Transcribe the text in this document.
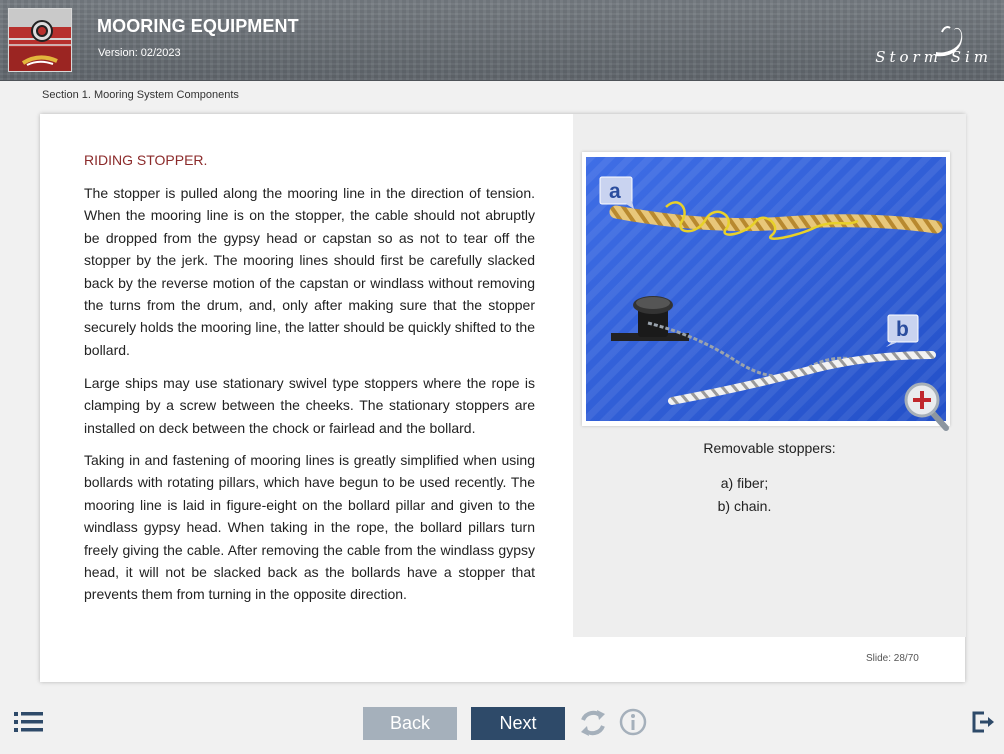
MOORING EQUIPMENT
Version: 02/2023	Storm Sim
Section 1. Mooring System Components
RIDING STOPPER.

The stopper is pulled along the mooring line in the direction of tension. When the mooring line is on the stopper, the cable should not abruptly be dropped from the gypsy head or capstan so as not to tear off the stopper by the jerk. The mooring lines should first be carefully slacked back by the reverse motion of the capstan or windlass without removing the turns from the drum, and, only after making sure that the stopper securely holds the mooring line, the latter should be quickly shifted to the bollard.

Large ships may use stationary swivel type stoppers where the rope is clamping by a screw between the cheeks. The stationary stoppers are installed on deck between the chock or fairlead and the bollard.

Taking in and fastening of mooring lines is greatly simplified when using bollards with rotating pillars, which have begun to be used recently. The mooring line is laid in figure-eight on the bollard pillar and given to the windlass gypsy head. When taking in the rope, the bollard pillars turn freely giving the cable. After removing the cable from the windlass gypsy head, it will not be slacked back as the bollards have a stopper that prevents them from turning in the opposite direction.

a
b
Removable stoppers:
a) fiber;
b) chain.
Slide: 28/70
Back	Next
